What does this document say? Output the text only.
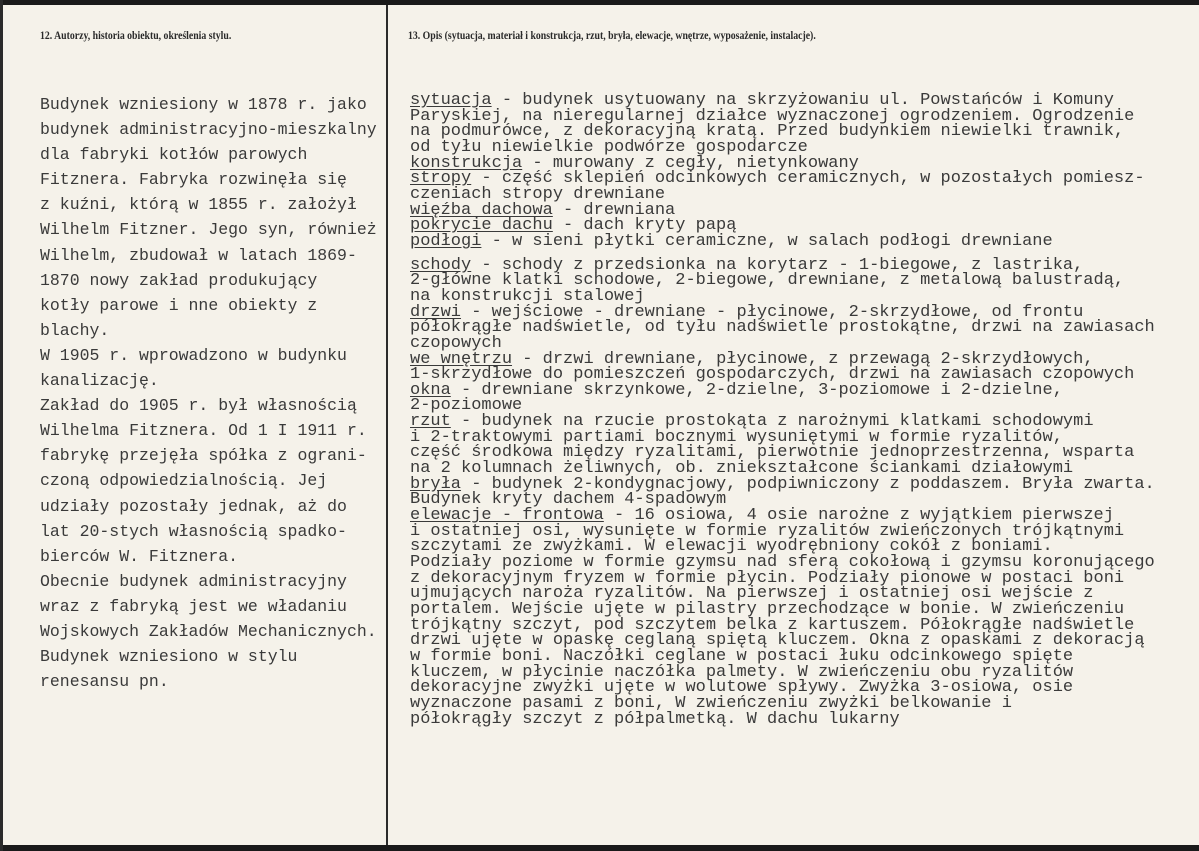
12. Autorzy, historia obiektu, określenia stylu.	13. Opis (sytuacja, materiał i konstrukcja, rzut, bryła, elewacje, wnętrze, wyposażenie, instalacje).
Budynek wzniesiony w 1878 r. jako
budynek administracyjno-mieszkalny
dla fabryki kotłów parowych
Fitznera. Fabryka rozwinęła się
z kuźni, którą w 1855 r. założył
Wilhelm Fitzner. Jego syn, również
Wilhelm, zbudował w latach 1869-
1870 nowy zakład produkujący
kotły parowe i nne obiekty z
blachy.
W 1905 r. wprowadzono w budynku
kanalizację.
Zakład do 1905 r. był własnością
Wilhelma Fitznera. Od 1 I 1911 r.
fabrykę przejęła spółka z ograni-
czoną odpowiedzialnością. Jej
udziały pozostały jednak, aż do
lat 20-stych własnością spadko-
bierców W. Fitznera.
Obecnie budynek administracyjny
wraz z fabryką jest we władaniu
Wojskowych Zakładów Mechanicznych.
Budynek wzniesiono w stylu
renesansu pn.
sytuacja - budynek usytuowany na skrzyżowaniu ul. Powstańców i Komuny
Paryskiej, na nieregularnej działce wyznaczonej ogrodzeniem. Ogrodzenie
na podmurówce, z dekoracyjną kratą. Przed budynkiem niewielki trawnik,
od tyłu niewielkie podwórze gospodarcze
konstrukcja - murowany z cegły, nietynkowany
stropy - część sklepień odcinkowych ceramicznych, w pozostałych pomiesz-
czeniach stropy drewniane
więźba dachowa - drewniana
pokrycie dachu - dach kryty papą
podłogi - w sieni płytki ceramiczne, w salach podłogi drewniane
schody - schody z przedsionka na korytarz - 1-biegowe, z lastrika,
2-główne klatki schodowe, 2-biegowe, drewniane, z metalową balustradą,
na konstrukcji stalowej
drzwi - wejściowe - drewniane - płycinowe, 2-skrzydłowe, od frontu
półokrągłe nadświetle, od tyłu nadświetle prostokątne, drzwi na zawiasach
czopowych
we wnętrzu - drzwi drewniane, płycinowe, z przewagą 2-skrzydłowych,
1-skrzydłowe do pomieszczeń gospodarczych, drzwi na zawiasach czopowych
okna - drewniane skrzynkowe, 2-dzielne, 3-poziomowe i 2-dzielne,
2-poziomowe
rzut - budynek na rzucie prostokąta z narożnymi klatkami schodowymi
i 2-traktowymi partiami bocznymi wysuniętymi w formie ryzalitów,
część środkowa między ryzalitami, pierwotnie jednoprzestrzenna, wsparta
na 2 kolumnach żeliwnych, ob. zniekształcone ściankami działowymi
bryła - budynek 2-kondygnacjowy, podpiwniczony z poddaszem. Bryła zwarta.
Budynek kryty dachem 4-spadowym
elewacje - frontowa - 16 osiowa, 4 osie narożne z wyjątkiem pierwszej
i ostatniej osi, wysunięte w formie ryzalitów zwieńczonych trójkątnymi
szczytami ze zwyżkami. W elewacji wyodrębniony cokół z boniami.
Podziały poziome w formie gzymsu nad sferą cokołową i gzymsu koronującego
z dekoracyjnym fryzem w formie płycin. Podziały pionowe w postaci boni
ujmujących naroża ryzalitów. Na pierwszej i ostatniej osi wejście z
portalem. Wejście ujęte w pilastry przechodzące w bonie. W zwieńczeniu
trójkątny szczyt, pod szczytem belka z kartuszem. Półokrągłe nadświetle
drzwi ujęte w opaskę ceglaną spiętą kluczem. Okna z opaskami z dekoracją
w formie boni. Naczółki ceglane w postaci łuku odcinkowego spięte
kluczem, w płycinie naczółka palmety. W zwieńczeniu obu ryzalitów
dekoracyjne zwyżki ujęte w wolutowe spływy. Zwyżka 3-osiowa, osie
wyznaczone pasami z boni, W zwieńczeniu zwyżki belkowanie i
półokrągły szczyt z półpalmetką. W dachu lukarny
